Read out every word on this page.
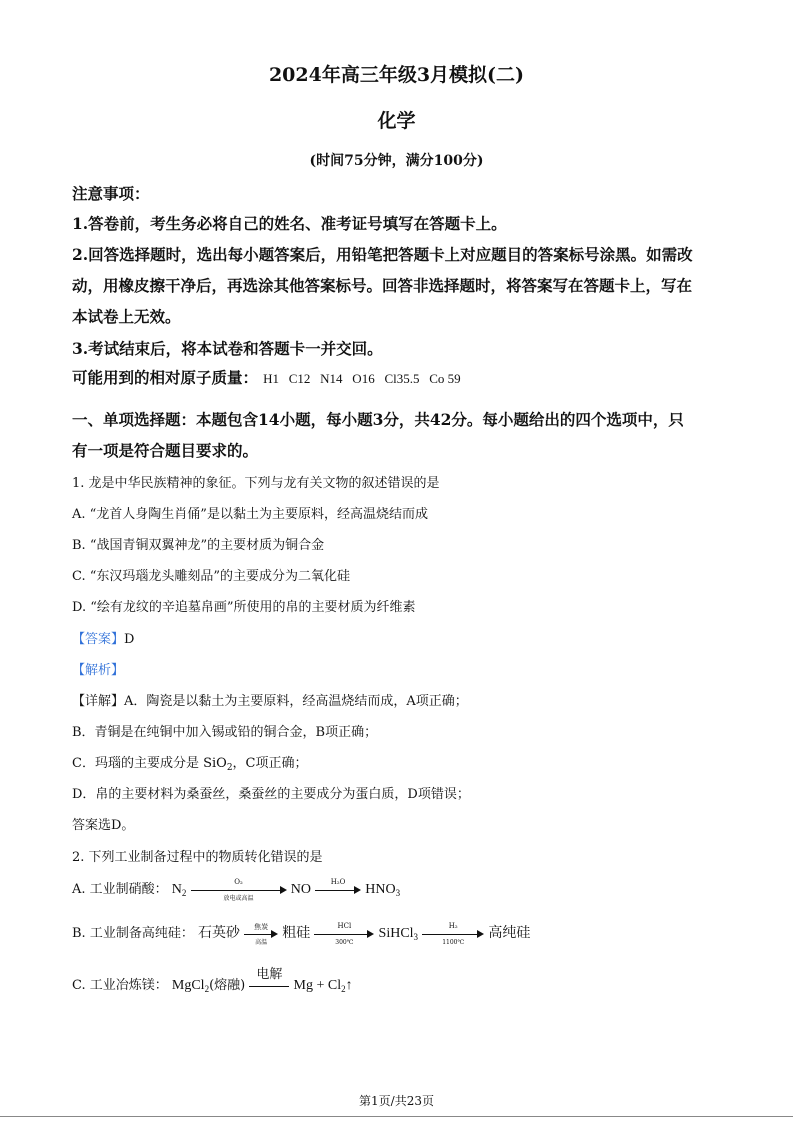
2024年高三年级3月模拟(二)
化学
(时间75分钟，满分100分)
注意事项：
1.答卷前，考生务必将自己的姓名、准考证号填写在答题卡上。
2.回答选择题时，选出每小题答案后，用铅笔把答题卡上对应题目的答案标号涂黑。如需改
动，用橡皮擦干净后，再选涂其他答案标号。回答非选择题时，将答案写在答题卡上，写在
本试卷上无效。
3.考试结束后，将本试卷和答题卡一并交回。
可能用到的相对原子质量： H1   C12   N14   O16   Cl35.5   Co 59
一、单项选择题：本题包含14小题，每小题3分，共42分。每小题给出的四个选项中，只
有一项是符合题目要求的。
1. 龙是中华民族精神的象征。下列与龙有关文物的叙述错误的是
A. “龙首人身陶生肖俑”是以黏土为主要原料，经高温烧结而成
B. “战国青铜双翼神龙”的主要材质为铜合金
C. “东汉玛瑙龙头雕刻品”的主要成分为二氧化硅
D. “绘有龙纹的辛追墓帛画”所使用的帛的主要材质为纤维素
【答案】D
【解析】
【详解】A．陶瓷是以黏土为主要原料，经高温烧结而成，A项正确；
B．青铜是在纯铜中加入锡或铅的铜合金，B项正确；
C．玛瑙的主要成分是 SiO$_2$，C项正确；
D．帛的主要材料为桑蚕丝，桑蚕丝的主要成分为蛋白质，D项错误；
答案选D。
2. 下列工业制备过程中的物质转化错误的是
A. 工业制硝酸： $N_2$
O₂
放电或高温
NO
H₂O
$HNO_3$
B. 工业制备高纯硅： 石英砂	焦炭
高温
粗硅	HCl
300℃
SiHCl$_3$ $\frac{\text{H₂}}{1100℃}$ 高纯硅
C. 工业冶炼镁： MgCl$_2$(熔融)
电解
$Mg + Cl_2↑$
第1页/共23页
